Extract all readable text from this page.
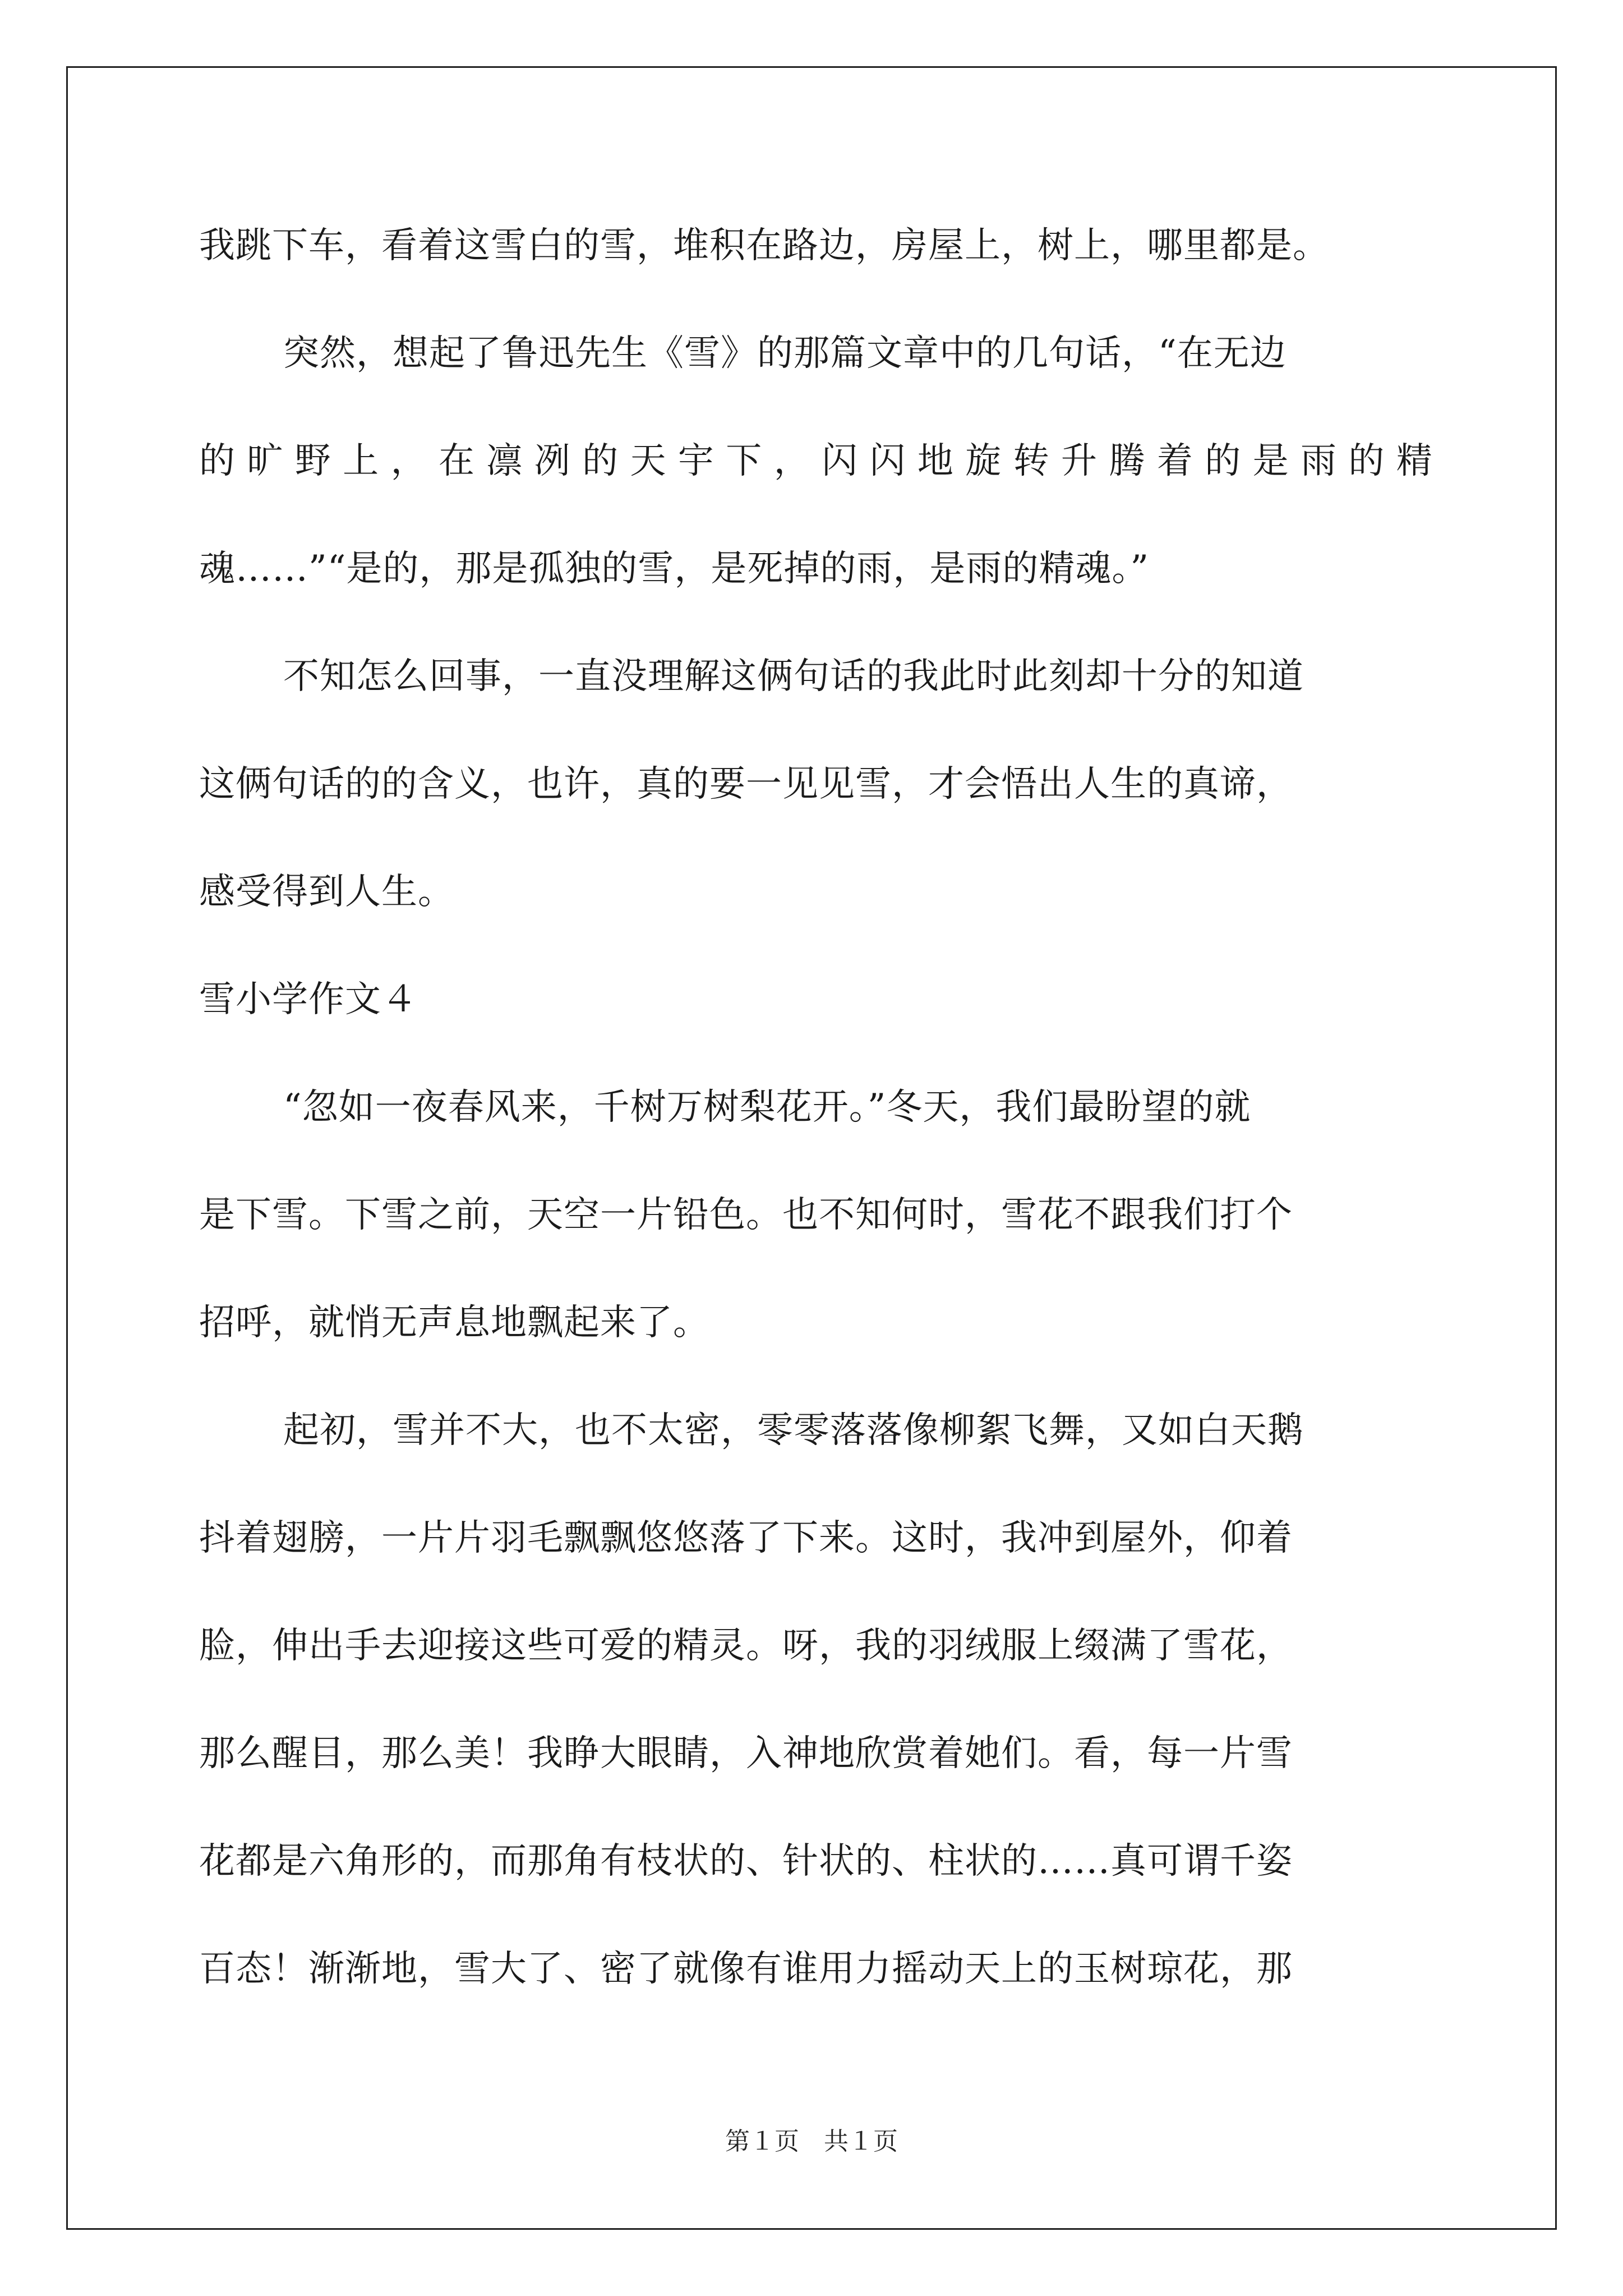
我跳下车，看着这雪白的雪，堆积在路边，房屋上，树上，哪里都是。
突然，想起了鲁迅先生《雪》的那篇文章中的几句话，“在无边
的 旷 野 上 ， 在 凛 冽 的 天 宇 下 ， 闪 闪 地 旋 转 升 腾 着 的 是 雨 的 精
魂……”“是的，那是孤独的雪，是死掉的雨，是雨的精魂。”
不知怎么回事，一直没理解这俩句话的我此时此刻却十分的知道
这俩句话的的含义，也许，真的要一见见雪，才会悟出人生的真谛，
感受得到人生。
雪小学作文４
“忽如一夜春风来，千树万树梨花开。”冬天，我们最盼望的就
是下雪。下雪之前，天空一片铅色。也不知何时，雪花不跟我们打个
招呼，就悄无声息地飘起来了。
起初，雪并不大，也不太密，零零落落像柳絮飞舞，又如白天鹅
抖着翅膀，一片片羽毛飘飘悠悠落了下来。这时，我冲到屋外，仰着
脸，伸出手去迎接这些可爱的精灵。呀，我的羽绒服上缀满了雪花，
那么醒目，那么美！我睁大眼睛，入神地欣赏着她们。看，每一片雪
花都是六角形的，而那角有枝状的、针状的、柱状的……真可谓千姿
百态！渐渐地，雪大了、密了就像有谁用力摇动天上的玉树琼花，那
第１页　共１页
